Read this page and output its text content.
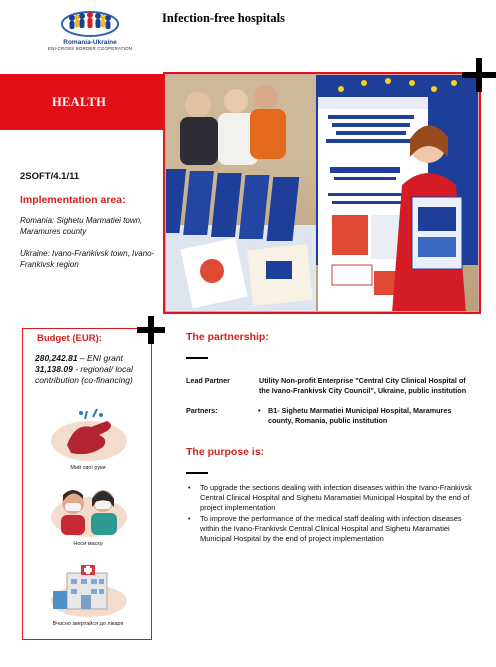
Romania-Ukraine
ENI-CROSS BORDER COOPERATION
Infection-free hospitals
HEALTH
2SOFT/4.1/11
Implementation area:
Romania: Sighetu Marmatiei town, Maramures county
Ukraine: Ivano-Frankivsk town, Ivano- Frankivsk region
Budget (EUR):
280,242.81 – ENI grant
31,138.09 - regional/ local contribution (co-financing)
Мий свої руки
Носи маску
Вчасно звертайся до лікаря
The partnership:
Lead Partner	Utility Non-profit Enterprise "Central City Clinical Hospital of the Ivano-Frankivsk City Council", Ukraine, public institution
Partners:	• B1- Sighetu Marmatiei Municipal Hospital, Maramures county, Romania, public institution
The purpose is:
• To upgrade the sections dealing with infection diseases within the Ivano-Frankivsk Central Clinical Hospital and Sighetu Maramatiei Municipal Hospital by the end of project implementation
• To improve the performance of the medical staff dealing with infection diseases within the Ivano-Frankivsk Central Clinical Hospital and Sighetu Maramatiei Municipal Hospital by the end of project implementation
